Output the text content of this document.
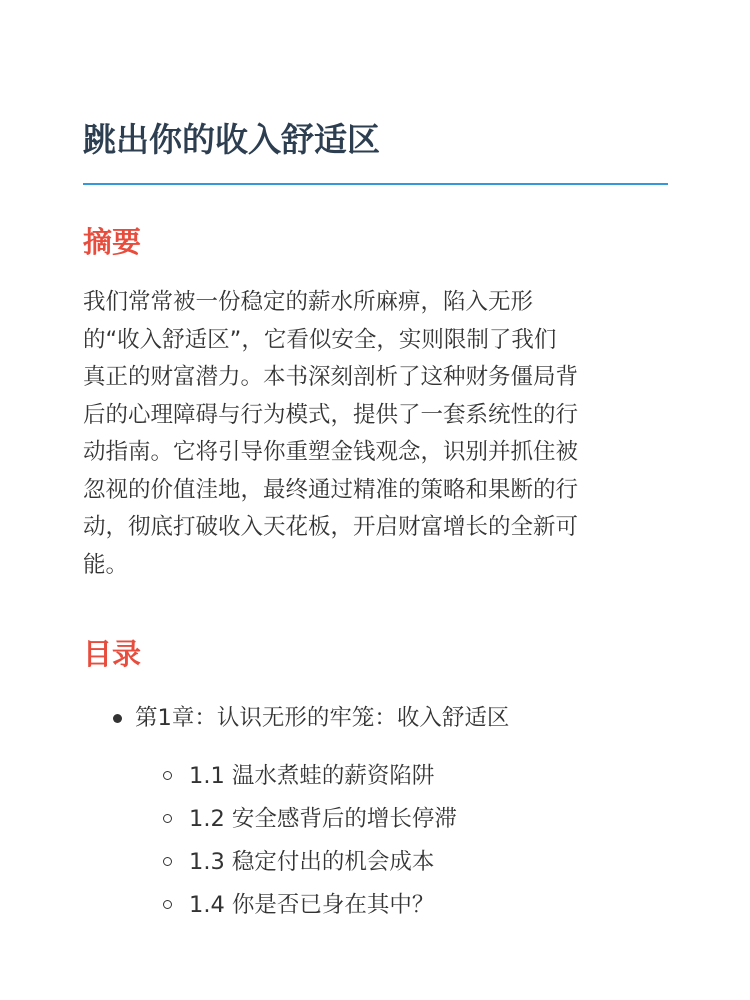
跳出你的收入舒适区
摘要

我们常常被一份稳定的薪水所麻痹，陷入无形
的“收入舒适区”，它看似安全，实则限制了我们
真正的财富潜力。本书深刻剖析了这种财务僵局背
后的心理障碍与行为模式，提供了一套系统性的行
动指南。它将引导你重塑金钱观念，识别并抓住被
忽视的价值洼地，最终通过精准的策略和果断的行
动，彻底打破收入天花板，开启财富增长的全新可
能。

目录
第1章：认识无形的牢笼：收入舒适区
1.1 温水煮蛙的薪资陷阱
1.2 安全感背后的增长停滞
1.3 稳定付出的机会成本
1.4 你是否已身在其中？
